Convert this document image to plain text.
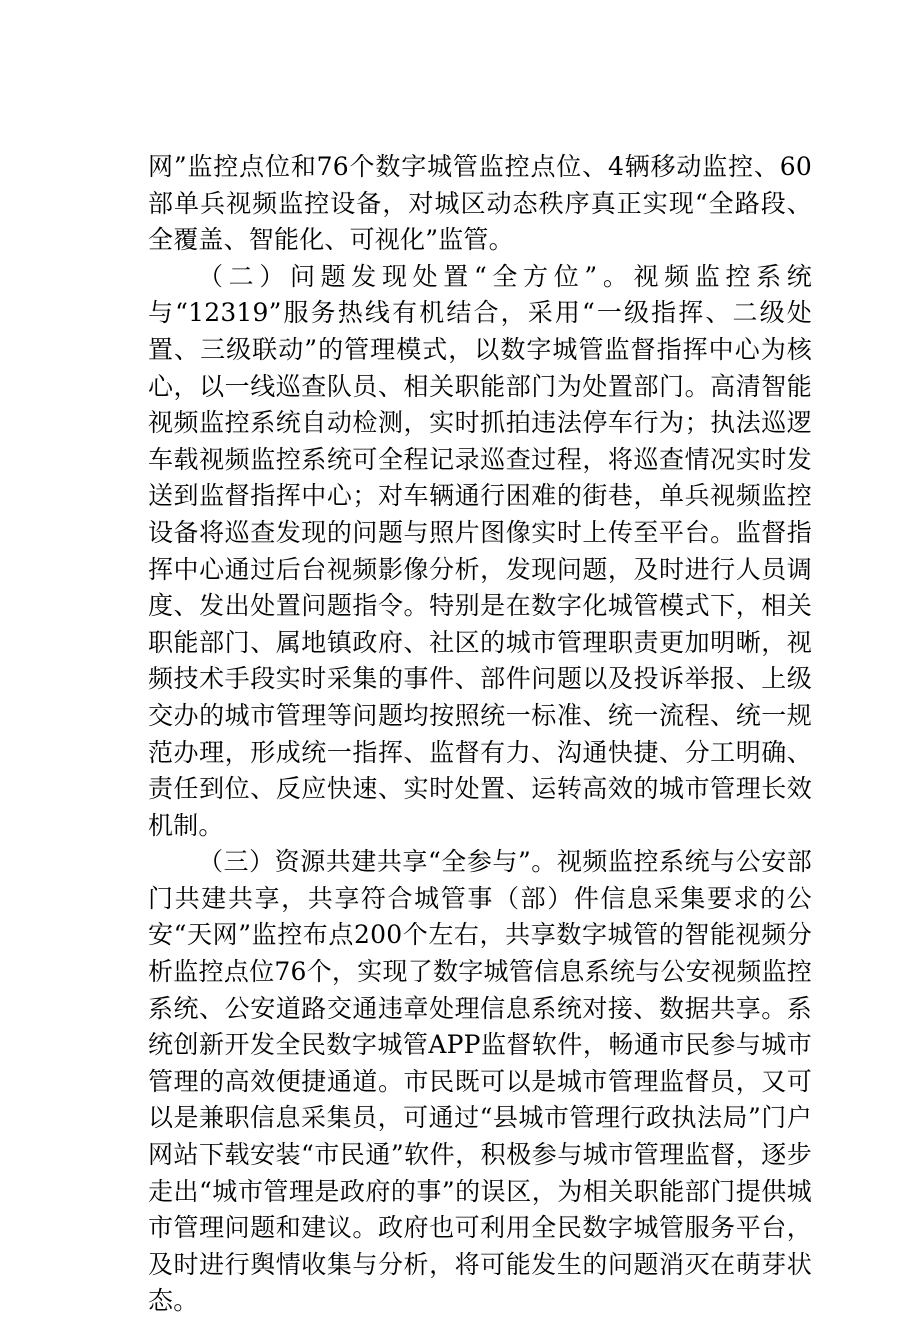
网”监控点位和76个数字城管监控点位、4辆移动监控、60部单兵视频监控设备，对城区动态秩序真正实现“全路段、全覆盖、智能化、可视化”监管。

（二）问题发现处置“全方位”。视频监控系统与“12319”服务热线有机结合，采用“一级指挥、二级处置、三级联动”的管理模式，以数字城管监督指挥中心为核心，以一线巡查队员、相关职能部门为处置部门。高清智能视频监控系统自动检测，实时抓拍违法停车行为；执法巡逻车载视频监控系统可全程记录巡查过程，将巡查情况实时发送到监督指挥中心；对车辆通行困难的街巷，单兵视频监控设备将巡查发现的问题与照片图像实时上传至平台。监督指挥中心通过后台视频影像分析，发现问题，及时进行人员调度、发出处置问题指令。特别是在数字化城管模式下，相关职能部门、属地镇政府、社区的城市管理职责更加明晰，视频技术手段实时采集的事件、部件问题以及投诉举报、上级交办的城市管理等问题均按照统一标准、统一流程、统一规范办理，形成统一指挥、监督有力、沟通快捷、分工明确、责任到位、反应快速、实时处置、运转高效的城市管理长效机制。

（三）资源共建共享“全参与”。视频监控系统与公安部门共建共享，共享符合城管事（部）件信息采集要求的公安“天网”监控布点200个左右，共享数字城管的智能视频分析监控点位76个，实现了数字城管信息系统与公安视频监控系统、公安道路交通违章处理信息系统对接、数据共享。系统创新开发全民数字城管APP监督软件，畅通市民参与城市管理的高效便捷通道。市民既可以是城市管理监督员，又可以是兼职信息采集员，可通过“县城市管理行政执法局”门户网站下载安装“市民通”软件，积极参与城市管理监督，逐步走出“城市管理是政府的事”的误区，为相关职能部门提供城市管理问题和建议。政府也可利用全民数字城管服务平台，及时进行舆情收集与分析，将可能发生的问题消灭在萌芽状态。
